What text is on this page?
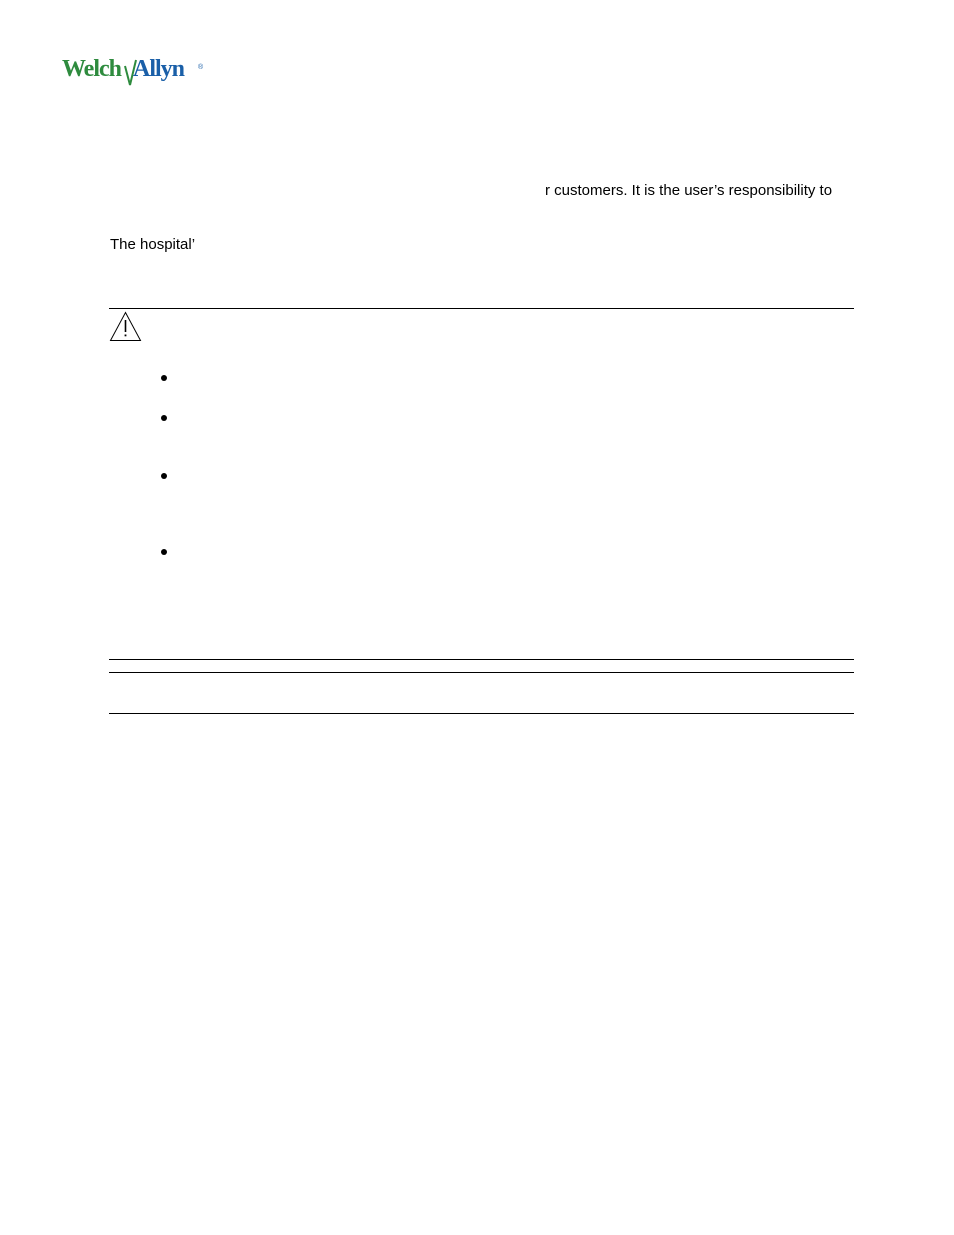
Welch Allyn ®
r customers. It is the user’s responsibility to
The hospital’
